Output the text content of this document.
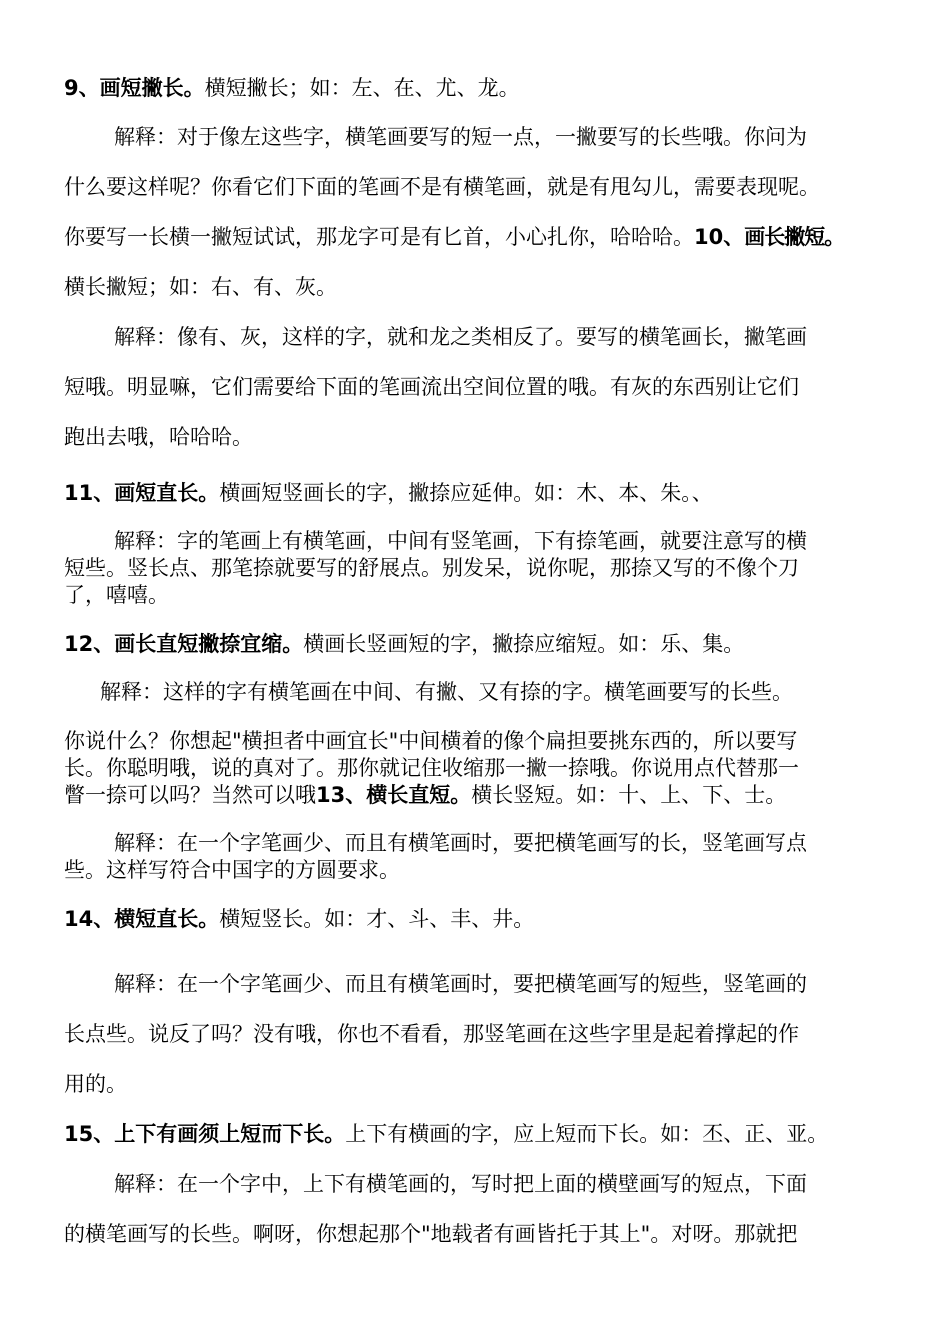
9、画短撇长。横短撇长；如：左、在、尤、龙。
解释：对于像左这些字，横笔画要写的短一点，一撇要写的长些哦。你问为
什么要这样呢？你看它们下面的笔画不是有横笔画，就是有甩勾儿，需要表现呢。
你要写一长横一撇短试试，那龙字可是有匕首，小心扎你，哈哈哈。10、画长撇短。
横长撇短；如：右、有、灰。
解释：像有、灰，这样的字，就和龙之类相反了。要写的横笔画长，撇笔画
短哦。明显嘛，它们需要给下面的笔画流出空间位置的哦。有灰的东西别让它们
跑出去哦，哈哈哈。
11、画短直长。横画短竖画长的字，撇捺应延伸。如：木、本、朱。、
解释：字的笔画上有横笔画，中间有竖笔画，下有捺笔画，就要注意写的横
短些。竖长点、那笔捺就要写的舒展点。别发呆，说你呢，那捺又写的不像个刀
了，嘻嘻。
12、画长直短撇捺宜缩。横画长竖画短的字，撇捺应缩短。如：乐、集。
解释：这样的字有横笔画在中间、有撇、又有捺的字。横笔画要写的长些。
你说什么？你想起"横担者中画宜长"中间横着的像个扁担要挑东西的，所以要写
长。你聪明哦，说的真对了。那你就记住收缩那一撇一捺哦。你说用点代替那一
瞥一捺可以吗？当然可以哦13、横长直短。横长竖短。如：十、上、下、士。
解释：在一个字笔画少、而且有横笔画时，要把横笔画写的长，竖笔画写点
些。这样写符合中国字的方圆要求。
14、横短直长。横短竖长。如：才、斗、丰、井。
解释：在一个字笔画少、而且有横笔画时，要把横笔画写的短些，竖笔画的
长点些。说反了吗？没有哦，你也不看看，那竖笔画在这些字里是起着撑起的作
用的。
15、上下有画须上短而下长。上下有横画的字，应上短而下长。如：丕、正、亚。
解释：在一个字中，上下有横笔画的，写时把上面的横壁画写的短点，下面
的横笔画写的长些。啊呀，你想起那个"地载者有画皆托于其上"。对呀。那就把
